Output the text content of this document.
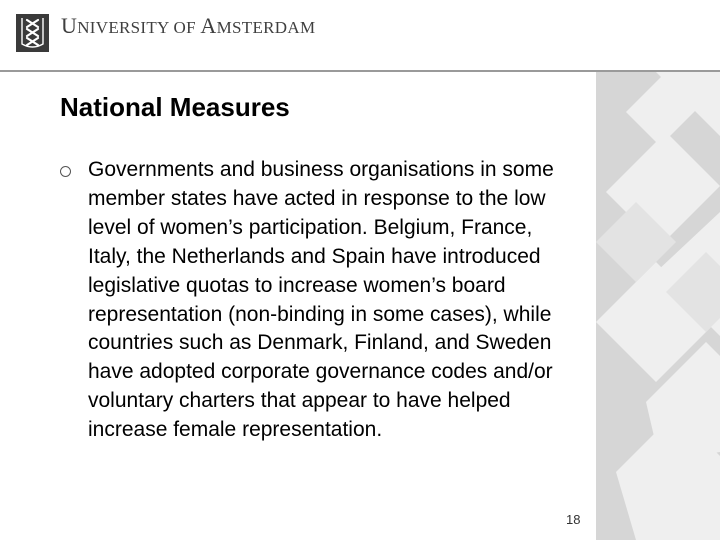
UNIVERSITY OF AMSTERDAM
National Measures
Governments and business organisations in some member states have acted in response to the low level of women’s participation. Belgium, France, Italy, the Netherlands and Spain have introduced legislative quotas to increase women’s board representation (non-binding in some cases), while countries such as Denmark, Finland, and Sweden have adopted corporate governance codes and/or voluntary charters that appear to have helped increase female representation.
18
